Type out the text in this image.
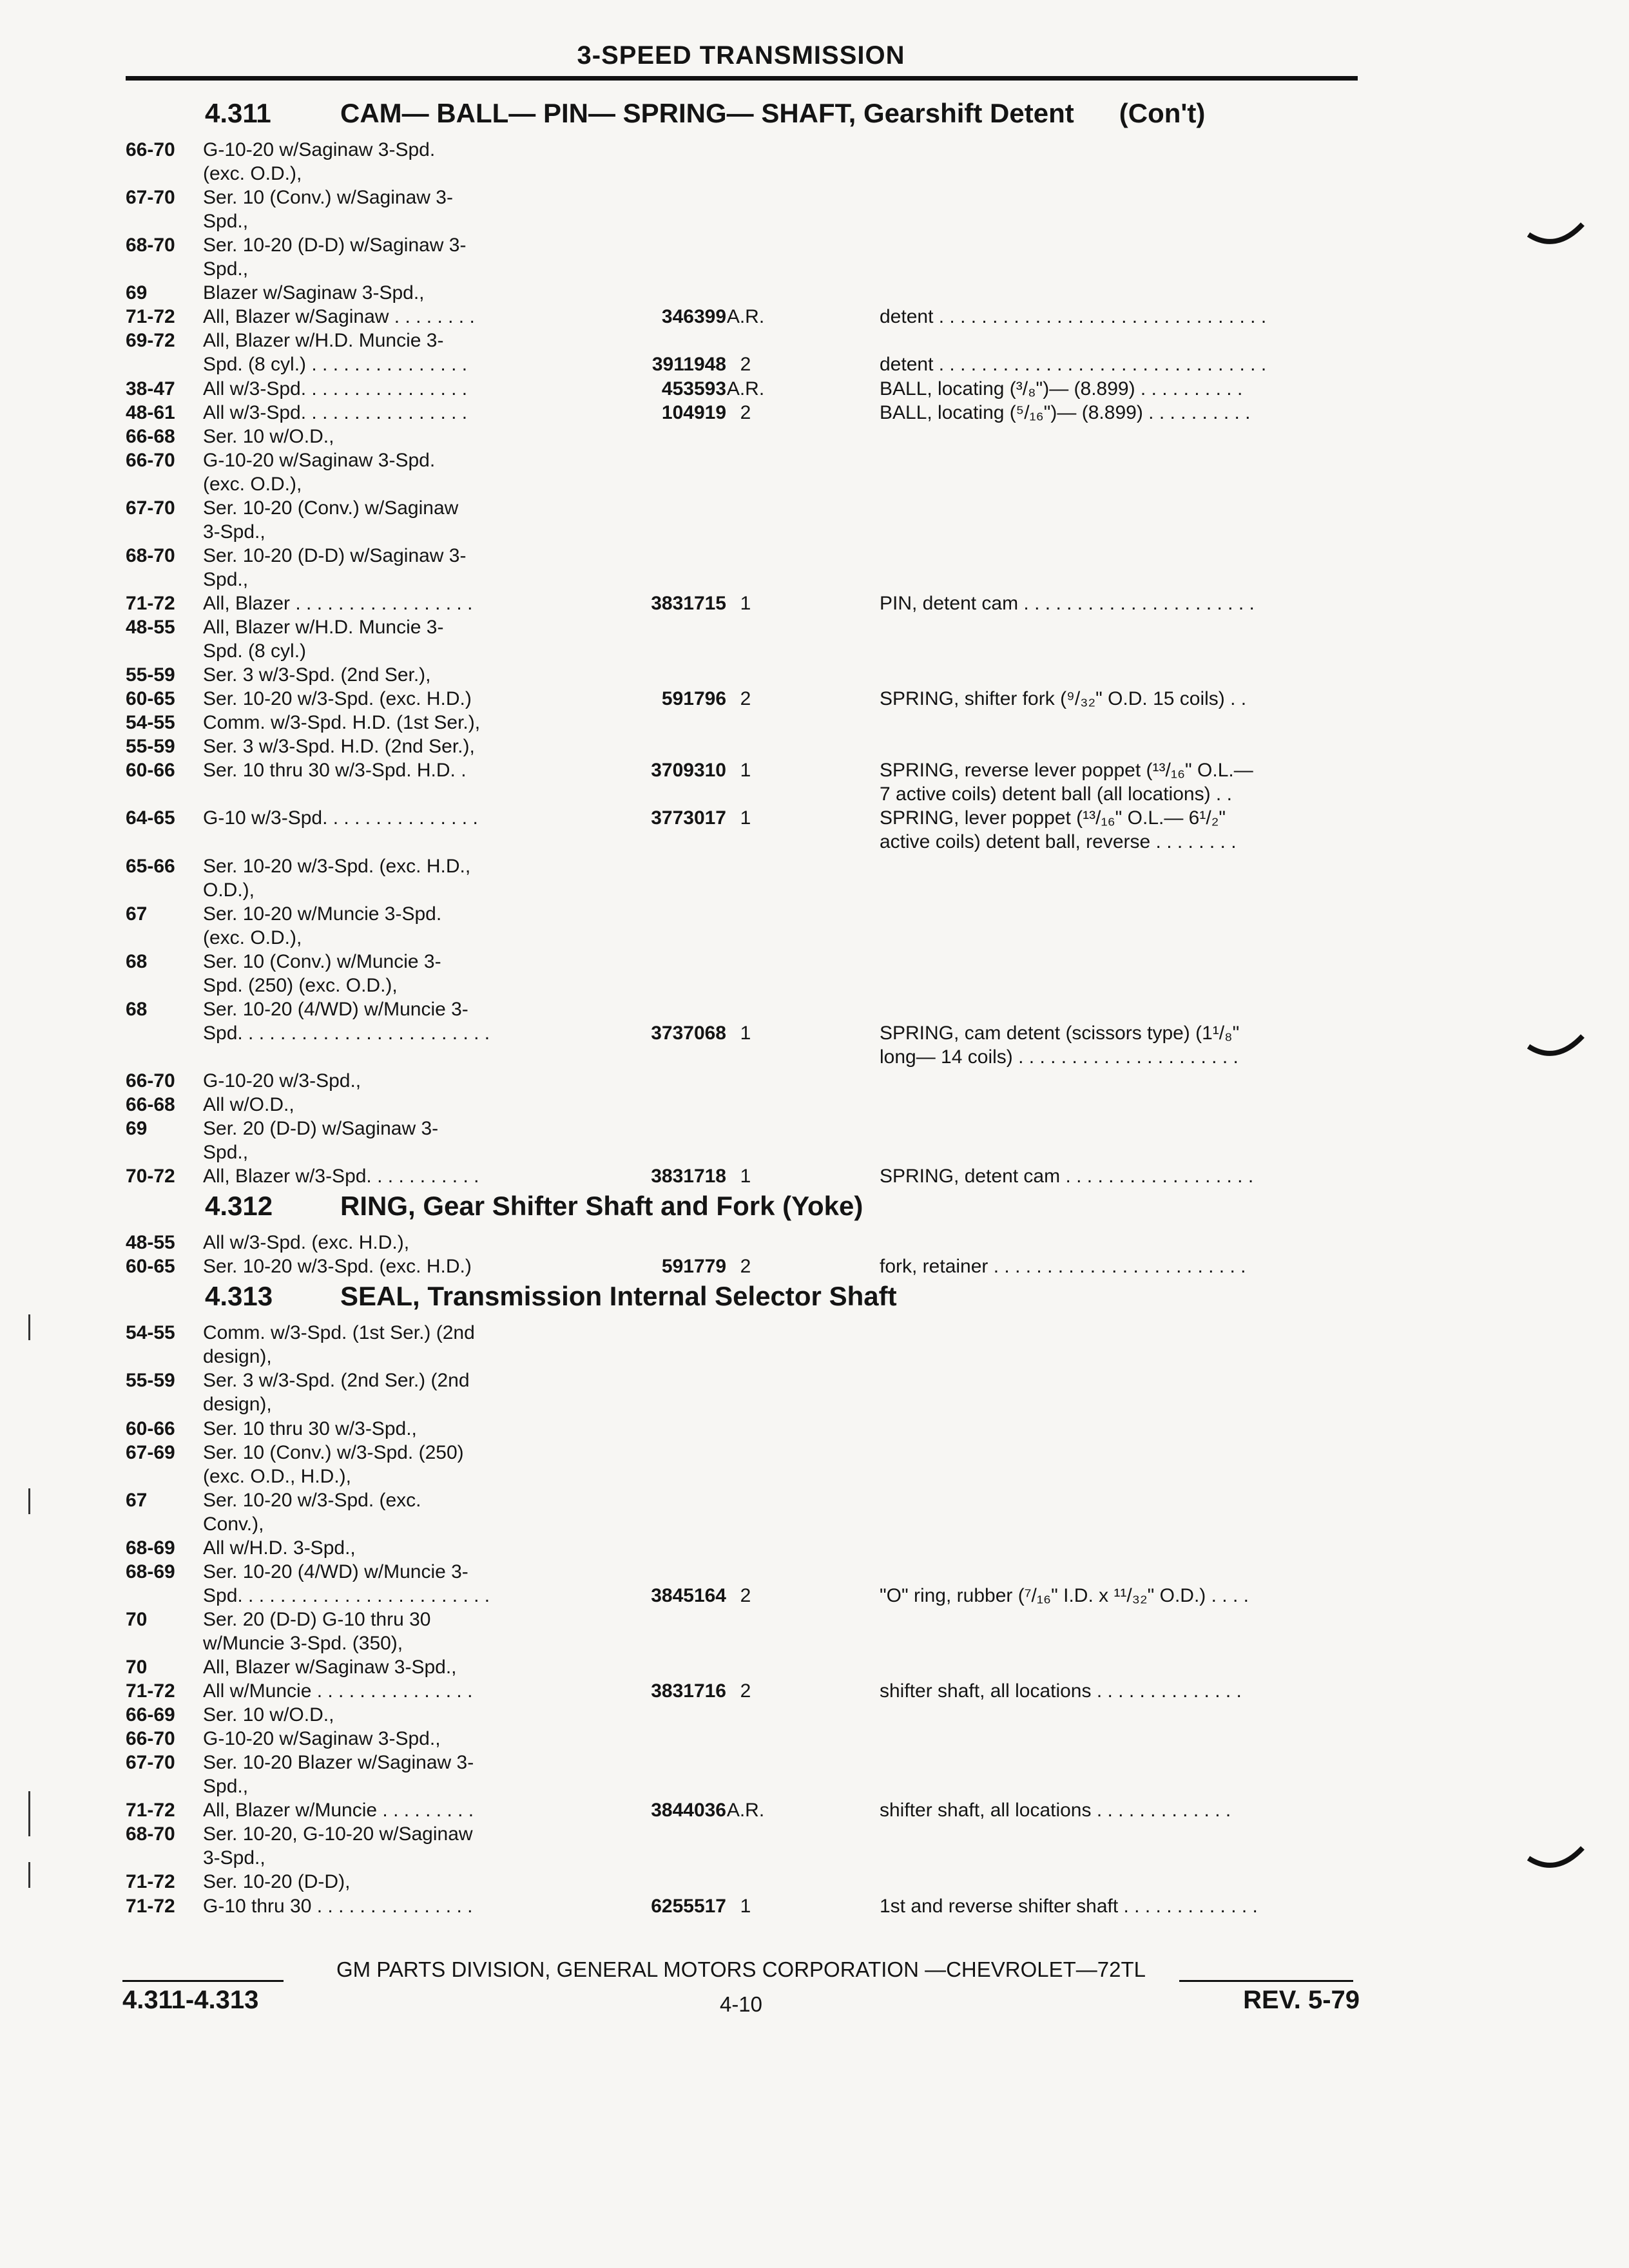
3-SPEED TRANSMISSION
4.311	CAM— BALL— PIN— SPRING— SHAFT, Gearshift Detent (Con't)
66-70	G-10-20 w/Saginaw 3-Spd.
(exc. O.D.),
67-70	Ser. 10 (Conv.) w/Saginaw 3-
Spd.,
68-70	Ser. 10-20 (D-D) w/Saginaw 3-
Spd.,
69	Blazer w/Saginaw 3-Spd.,
71-72	All, Blazer w/Saginaw . . . . . . . .	346399 A.R.	detent . . . . . . . . . . . . . . . . . . . . . . . . . . . . . . .
69-72	All, Blazer w/H.D. Muncie 3-
Spd. (8 cyl.) . . . . . . . . . . . . . . .	3911948 2	detent . . . . . . . . . . . . . . . . . . . . . . . . . . . . . . .
38-47	All w/3-Spd. . . . . . . . . . . . . . . .	453593 A.R.	BALL, locating (³/₈")— (8.899) . . . . . . . . . .
48-61	All w/3-Spd. . . . . . . . . . . . . . . .	104919 2	BALL, locating (⁵/₁₆")— (8.899) . . . . . . . . . .
66-68	Ser. 10 w/O.D.,
66-70	G-10-20 w/Saginaw 3-Spd.
(exc. O.D.),
67-70	Ser. 10-20 (Conv.) w/Saginaw
3-Spd.,
68-70	Ser. 10-20 (D-D) w/Saginaw 3-
Spd.,
71-72	All, Blazer . . . . . . . . . . . . . . . . .	3831715 1	PIN, detent cam . . . . . . . . . . . . . . . . . . . . . .
48-55	All, Blazer w/H.D. Muncie 3-
Spd. (8 cyl.)
55-59	Ser. 3 w/3-Spd. (2nd Ser.),
60-65	Ser. 10-20 w/3-Spd. (exc. H.D.)	591796 2	SPRING, shifter fork (⁹/₃₂" O.D. 15 coils) . .
54-55	Comm. w/3-Spd. H.D. (1st Ser.),
55-59	Ser. 3 w/3-Spd. H.D. (2nd Ser.),
60-66	Ser. 10 thru 30 w/3-Spd. H.D. .	3709310 1	SPRING, reverse lever poppet (¹³/₁₆" O.L.—
7 active coils) detent ball (all locations) . .
64-65	G-10 w/3-Spd. . . . . . . . . . . . . . .	3773017 1	SPRING, lever poppet (¹³/₁₆" O.L.— 6¹/₂"
active coils) detent ball, reverse . . . . . . . .
65-66	Ser. 10-20 w/3-Spd. (exc. H.D.,
O.D.),
67	Ser. 10-20 w/Muncie 3-Spd.
(exc. O.D.),
68	Ser. 10 (Conv.) w/Muncie 3-
Spd. (250) (exc. O.D.),
68	Ser. 10-20 (4/WD) w/Muncie 3-
Spd. . . . . . . . . . . . . . . . . . . . . . . .	3737068 1	SPRING, cam detent (scissors type) (1¹/₈"
long— 14 coils) . . . . . . . . . . . . . . . . . . . . .
66-70	G-10-20 w/3-Spd.,
66-68	All w/O.D.,
69	Ser. 20 (D-D) w/Saginaw 3-
Spd.,
70-72	All, Blazer w/3-Spd. . . . . . . . . . .	3831718 1	SPRING, detent cam . . . . . . . . . . . . . . . . . .
4.312 RING, Gear Shifter Shaft and Fork (Yoke)
48-55	All w/3-Spd. (exc. H.D.),
60-65	Ser. 10-20 w/3-Spd. (exc. H.D.)	591779 2	fork, retainer . . . . . . . . . . . . . . . . . . . . . . . .
4.313 SEAL, Transmission Internal Selector Shaft
54-55	Comm. w/3-Spd. (1st Ser.) (2nd
design),
55-59	Ser. 3 w/3-Spd. (2nd Ser.) (2nd
design),
60-66	Ser. 10 thru 30 w/3-Spd.,
67-69	Ser. 10 (Conv.) w/3-Spd. (250)
(exc. O.D., H.D.),
67	Ser. 10-20 w/3-Spd. (exc.
Conv.),
68-69	All w/H.D. 3-Spd.,
68-69	Ser. 10-20 (4/WD) w/Muncie 3-
Spd. . . . . . . . . . . . . . . . . . . . . . . .	3845164 2	"O" ring, rubber (⁷/₁₆" I.D. x ¹¹/₃₂" O.D.) . . . .
70	Ser. 20 (D-D) G-10 thru 30
w/Muncie 3-Spd. (350),
70	All, Blazer w/Saginaw 3-Spd.,
71-72	All w/Muncie . . . . . . . . . . . . . . .	3831716 2	shifter shaft, all locations . . . . . . . . . . . . . .
66-69	Ser. 10 w/O.D.,
66-70	G-10-20 w/Saginaw 3-Spd.,
67-70	Ser. 10-20 Blazer w/Saginaw 3-
Spd.,
71-72	All, Blazer w/Muncie . . . . . . . . .	3844036 A.R.	shifter shaft, all locations . . . . . . . . . . . . .
68-70	Ser. 10-20, G-10-20 w/Saginaw
3-Spd.,
71-72	Ser. 10-20 (D-D),
71-72	G-10 thru 30 . . . . . . . . . . . . . . .	6255517 1	1st and reverse shifter shaft . . . . . . . . . . . . .
GM PARTS DIVISION, GENERAL MOTORS CORPORATION —CHEVROLET—72TL
4.311-4.313	4-10	REV. 5-79
